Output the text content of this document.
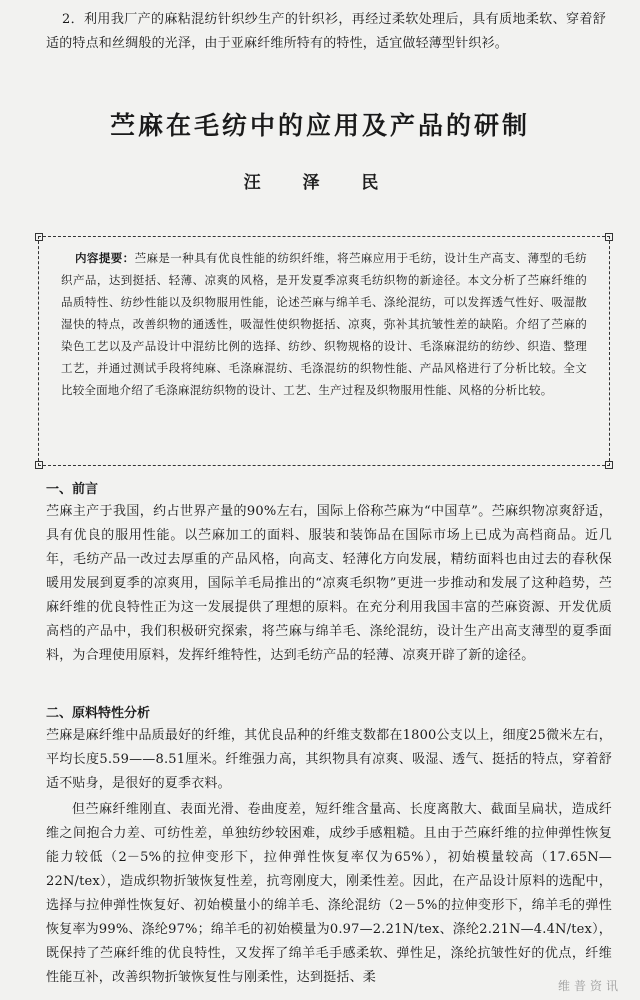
2．利用我厂产的麻粘混纺针织纱生产的针织衫，再经过柔软处理后，具有质地柔软、穿着舒适的特点和丝绸般的光泽，由于亚麻纤维所特有的特性，适宜做轻薄型针织衫。
苎麻在毛纺中的应用及产品的研制
汪 泽 民
内容提要：苎麻是一种具有优良性能的纺织纤维，将苎麻应用于毛纺，设计生产高支、薄型的毛纺织产品，达到挺括、轻薄、凉爽的风格，是开发夏季凉爽毛纺织物的新途径。本文分析了苎麻纤维的品质特性、纺纱性能以及织物服用性能，论述苎麻与绵羊毛、涤纶混纺，可以发挥透气性好、吸湿散湿快的特点，改善织物的通透性，吸湿性使织物挺括、凉爽，弥补其抗皱性差的缺陷。介绍了苎麻的染色工艺以及产品设计中混纺比例的选择、纺纱、织物规格的设计、毛涤麻混纺的纺纱、织造、整理工艺，并通过测试手段将纯麻、毛涤麻混纺、毛涤混纺的织物性能、产品风格进行了分析比较。全文比较全面地介绍了毛涤麻混纺织物的设计、工艺、生产过程及织物服用性能、风格的分析比较。
一、前言
苎麻主产于我国，约占世界产量的90%左右，国际上俗称苎麻为“中国草”。苎麻织物凉爽舒适，具有优良的服用性能。以苎麻加工的面料、服装和装饰品在国际市场上已成为高档商品。近几年，毛纺产品一改过去厚重的产品风格，向高支、轻薄化方向发展，精纺面料也由过去的春秋保暖用发展到夏季的凉爽用，国际羊毛局推出的“凉爽毛织物”更进一步推动和发展了这种趋势，苎麻纤维的优良特性正为这一发展提供了理想的原料。在充分利用我国丰富的苎麻资源、开发优质高档的产品中，我们积极研究探索，将苎麻与绵羊毛、涤纶混纺，设计生产出高支薄型的夏季面料，为合理使用原料，发挥纤维特性，达到毛纺产品的轻薄、凉爽开辟了新的途径。
二、原料特性分析
苎麻是麻纤维中品质最好的纤维，其优良品种的纤维支数都在1800公支以上，细度25微米左右，平均长度5.59——8.51厘米。纤维强力高，其织物具有凉爽、吸湿、透气、挺括的特点，穿着舒适不贴身，是很好的夏季衣料。
但苎麻纤维刚直、表面光滑、卷曲度差，短纤维含量高、长度离散大、截面呈扁状，造成纤维之间抱合力差、可纺性差，单独纺纱较困难，成纱手感粗糙。且由于苎麻纤维的拉伸弹性恢复能力较低（2－5%的拉伸变形下，拉伸弹性恢复率仅为65%），初始模量较高（17.65N—22N/tex），造成织物折皱恢复性差，抗弯刚度大，刚柔性差。因此，在产品设计原料的选配中，选择与拉伸弹性恢复好、初始模量小的绵羊毛、涤纶混纺（2－5%的拉伸变形下，绵羊毛的弹性恢复率为99%、涤纶97%；绵羊毛的初始模量为0.97—2.21N/tex、涤纶2.21N—4.4N/tex），既保持了苎麻纤维的优良特性，又发挥了绵羊毛手感柔软、弹性足，涤纶抗皱性好的优点，纤维性能互补，改善织物折皱恢复性与刚柔性，达到挺括、柔
维普资讯
